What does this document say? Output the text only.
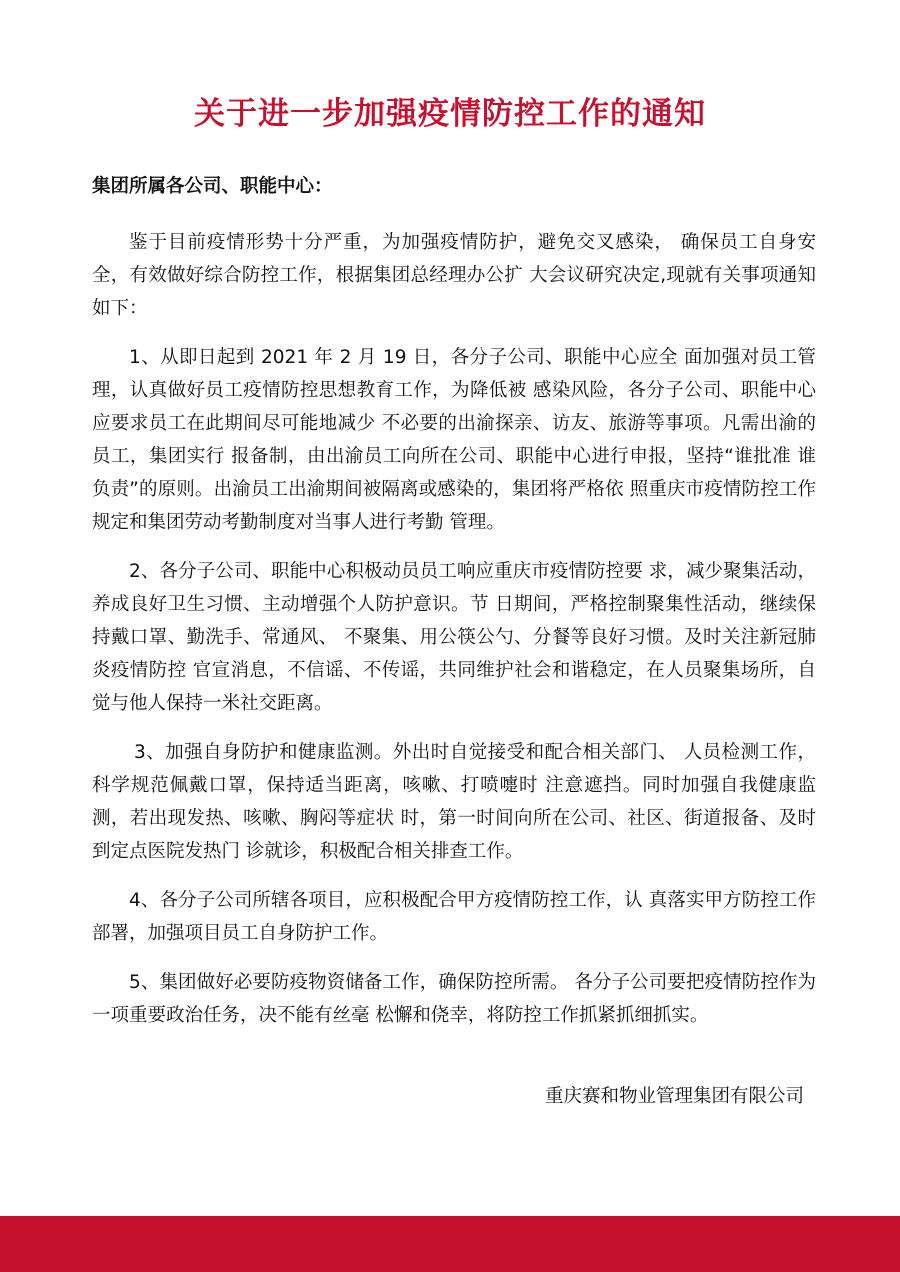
关于进一步加强疫情防控工作的通知
集团所属各公司、职能中心：

鉴于目前疫情形势十分严重，为加强疫情防护，避免交叉感染， 确保员工自身安全，有效做好综合防控工作，根据集团总经理办公扩 大会议研究决定,现就有关事项通知如下：

1、从即日起到 2021 年 2 月 19 日，各分子公司、职能中心应全 面加强对员工管理，认真做好员工疫情防控思想教育工作，为降低被 感染风险，各分子公司、职能中心应要求员工在此期间尽可能地减少 不必要的出渝探亲、访友、旅游等事项。凡需出渝的员工，集团实行 报备制，由出渝员工向所在公司、职能中心进行申报，坚持“谁批准 谁负责”的原则。出渝员工出渝期间被隔离或感染的，集团将严格依 照重庆市疫情防控工作规定和集团劳动考勤制度对当事人进行考勤 管理。

2、各分子公司、职能中心积极动员员工响应重庆市疫情防控要 求，减少聚集活动，养成良好卫生习惯、主动增强个人防护意识。节 日期间，严格控制聚集性活动，继续保持戴口罩、勤洗手、常通风、 不聚集、用公筷公勺、分餐等良好习惯。及时关注新冠肺炎疫情防控 官宣消息，不信谣、不传谣，共同维护社会和谐稳定，在人员聚集场所，自觉与他人保持一米社交距离。

3、加强自身防护和健康监测。外出时自觉接受和配合相关部门、 人员检测工作，科学规范佩戴口罩，保持适当距离，咳嗽、打喷嚏时 注意遮挡。同时加强自我健康监测，若出现发热、咳嗽、胸闷等症状 时，第一时间向所在公司、社区、街道报备、及时到定点医院发热门 诊就诊，积极配合相关排查工作。

4、各分子公司所辖各项目，应积极配合甲方疫情防控工作，认 真落实甲方防控工作部署，加强项目员工自身防护工作。

5、集团做好必要防疫物资储备工作，确保防控所需。 各分子公司要把疫情防控作为一项重要政治任务，决不能有丝毫 松懈和侥幸，将防控工作抓紧抓细抓实。

重庆赛和物业管理集团有限公司
